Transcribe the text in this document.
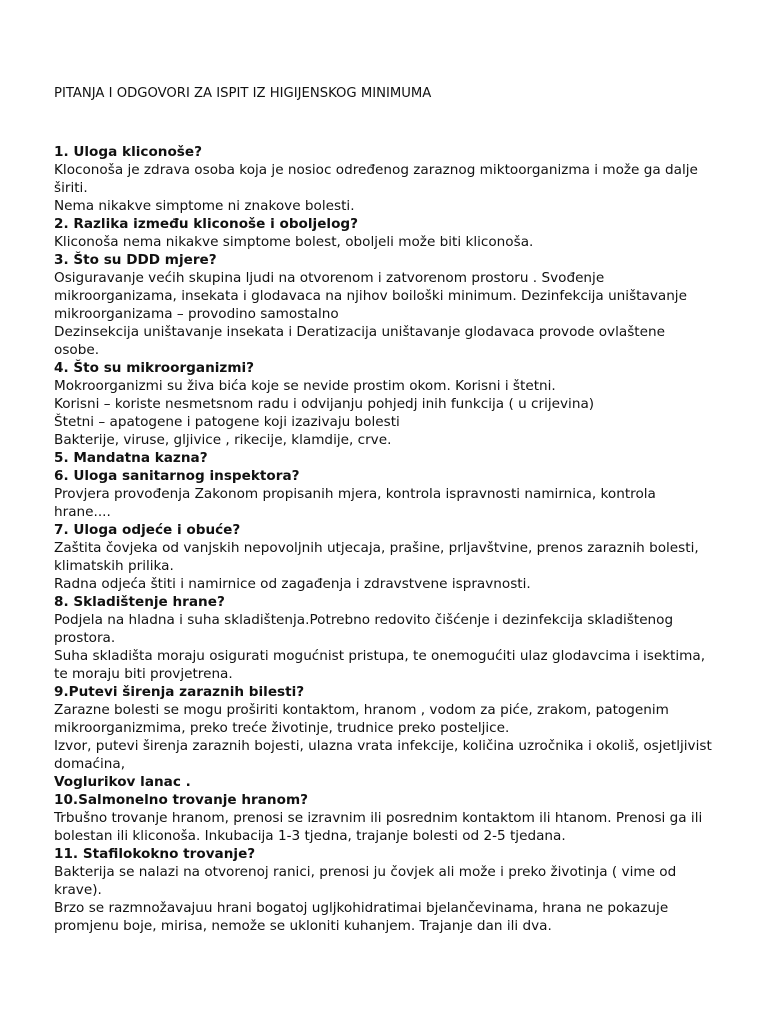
PITANJA I ODGOVORI ZA ISPIT IZ HIGIJENSKOG MINIMUMA

1. Uloga kliconoše?

Kloconoša je zdrava osoba koja je nosioc određenog zaraznog miktoorganizma i može ga dalje širiti.

Nema nikakve simptome ni znakove bolesti.

2. Razlika između kliconoše i oboljelog?

Kliconoša nema nikakve simptome bolest, oboljeli može biti kliconoša.

3. Što su DDD mjere?

Osiguravanje većih skupina ljudi na otvorenom i zatvorenom prostoru . Svođenje mikroorganizama, insekata i glodavaca na njihov boilоški minimum. Dezinfekcija uništavanje mikroorganizama – provodino samostalno

Dezinsekcija uništavanje insekata i Deratizacija uništavanje glodavaca provode ovlaštene osobe.

4. Što su mikroorganizmi?

Mokroorganizmi su živa bića koje se nevide prostim okom. Korisni i štetni.

Korisni – koriste nesmetsnom radu i odvijanju pohjedj inih funkcija ( u crijevina)

Štetni – apatogene i patogene koji izazivaju bolesti

Bakterije, viruse, gljivice , rikecije, klamdije, crve.

5. Mandatna kazna?

6. Uloga sanitarnog inspektora?

Provjera provođenja Zakonom propisanih mjera, kontrola ispravnosti namirnica, kontrola hrane....

7. Uloga odjeće i obuće?

Zaštita čovjeka od vanjskih nepovoljnih utjecaja, prašine, prljavštvine, prenos zaraznih bolesti, klimatskih prilika.

Radna odjeća štiti i namirnice od zagađenja i zdravstvene ispravnosti.

8. Skladištenje hrane?

Podjela na hladna i suha skladištenja.Potrebno redovito čišćenje i dezinfekcija skladištenog prostora.

Suha skladišta moraju osigurati mogućnist pristupa, te onemogućiti ulaz glodavcima i isektima, te moraju biti provjetrena.

9.Putevi širenja zaraznih bilesti?

Zarazne bolesti se mogu proširiti kontaktom, hranom , vodom za piće, zrakom, patogenim mikroorganizmima, preko treće životinje, trudnice preko posteljice.

Izvor, putevi širenja zaraznih bojesti, ulazna vrata infekcije, količina uzročnika i okoliš, osjetljivist domaćina,

Voglurikov lanac .

10.Salmonelno trovanje hranom?

Trbušno trovanje hranom, prenosi se izravnim ili posrednim kontaktom ili htanom. Prenosi ga ili bolestan ili kliconoša. Inkubacija 1-3 tjedna, trajanje bolesti od 2-5 tjedana.

11. Stafilokokno trovanje?

Bakterija se nalazi na otvorenoj ranici, prenosi ju čovjek ali može i preko životinja ( vime od krave).

Brzo se razmnožavajuu hrani bogatoj ugljkohidratimai bjelančevinama, hrana ne pokazuje promjenu boje, mirisa, nemože se ukloniti kuhanjem. Trajanje dan ili dva.
